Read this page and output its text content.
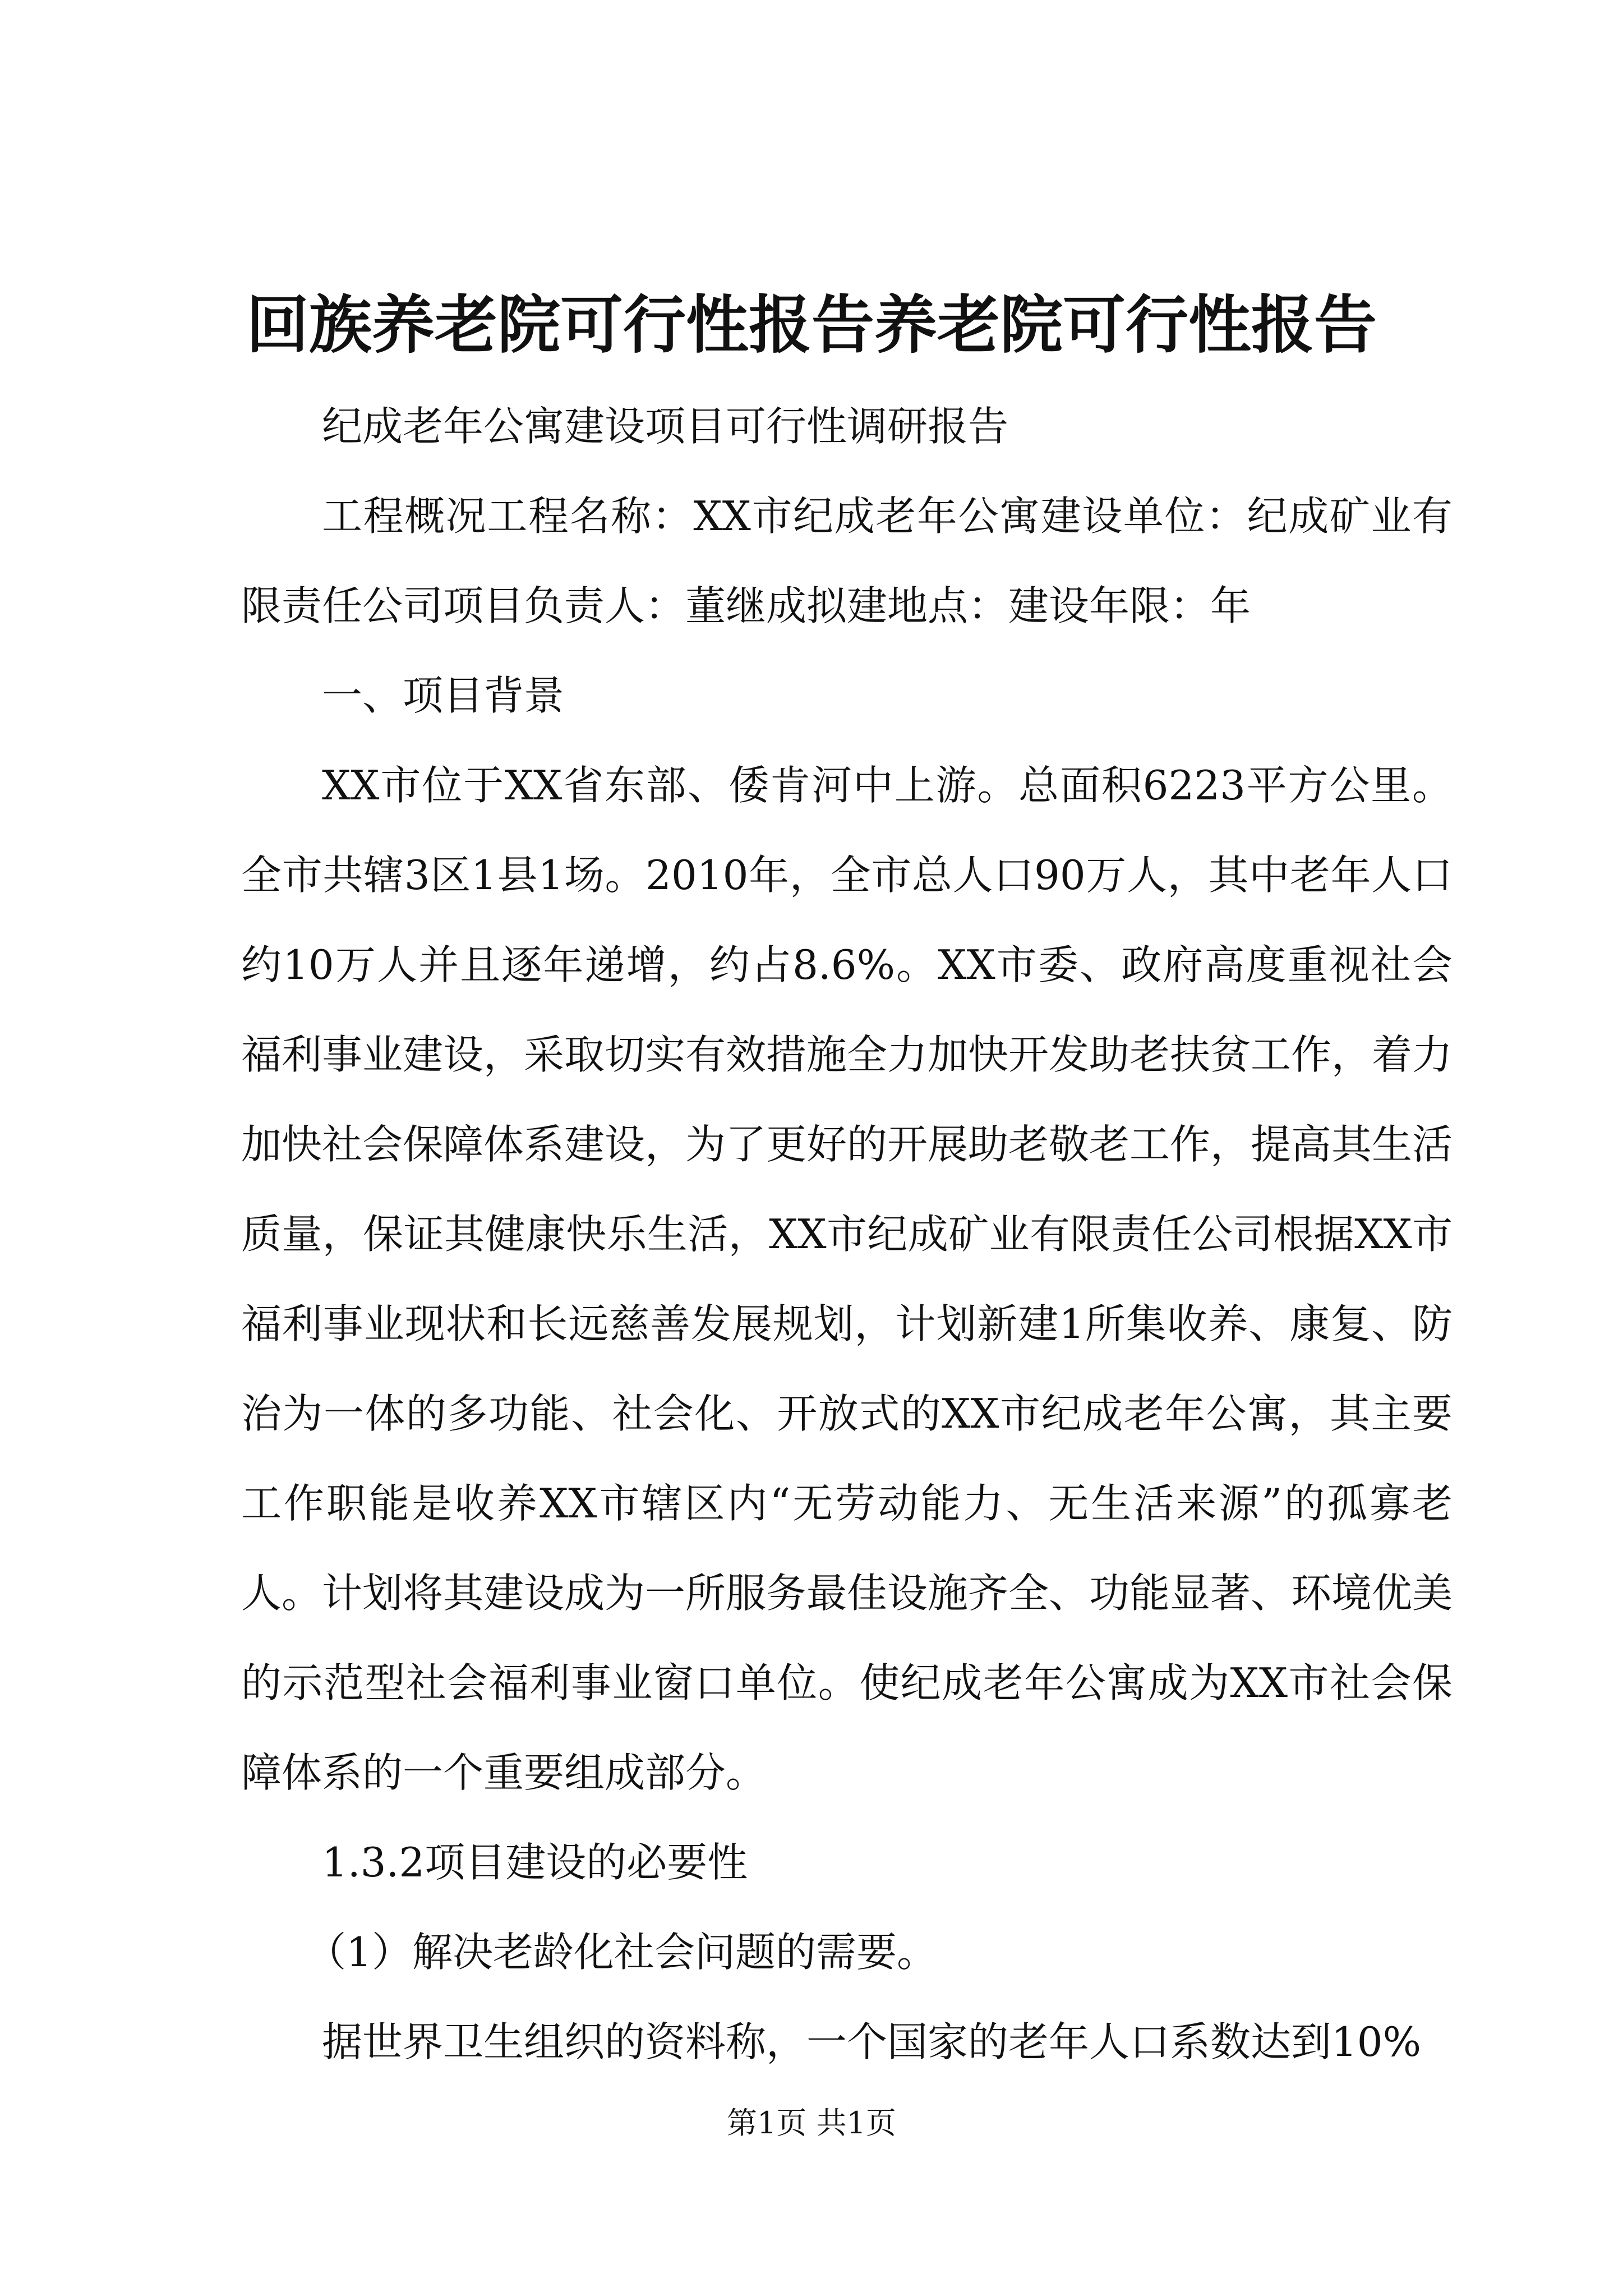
回族养老院可行性报告养老院可行性报告

纪成老年公寓建设项目可行性调研报告

工程概况工程名称：XX市纪成老年公寓建设单位：纪成矿业有限责任公司项目负责人：董继成拟建地点：建设年限：年

一、项目背景

XX市位于XX省东部、倭肯河中上游。总面积6223平方公里。全市共辖3区1县1场。2010年，全市总人口90万人，其中老年人口约10万人并且逐年递增，约占8.6%。XX市委、政府高度重视社会福利事业建设，采取切实有效措施全力加快开发助老扶贫工作，着力加快社会保障体系建设，为了更好的开展助老敬老工作，提高其生活质量，保证其健康快乐生活，XX市纪成矿业有限责任公司根据XX市福利事业现状和长远慈善发展规划，计划新建1所集收养、康复、防治为一体的多功能、社会化、开放式的XX市纪成老年公寓，其主要工作职能是收养XX市辖区内“无劳动能力、无生活来源”的孤寡老人。计划将其建设成为一所服务最佳设施齐全、功能显著、环境优美的示范型社会福利事业窗口单位。使纪成老年公寓成为XX市社会保障体系的一个重要组成部分。

1.3.2项目建设的必要性

（1）解决老龄化社会问题的需要。

据世界卫生组织的资料称，一个国家的老年人口系数达到10%

第1页 共1页
